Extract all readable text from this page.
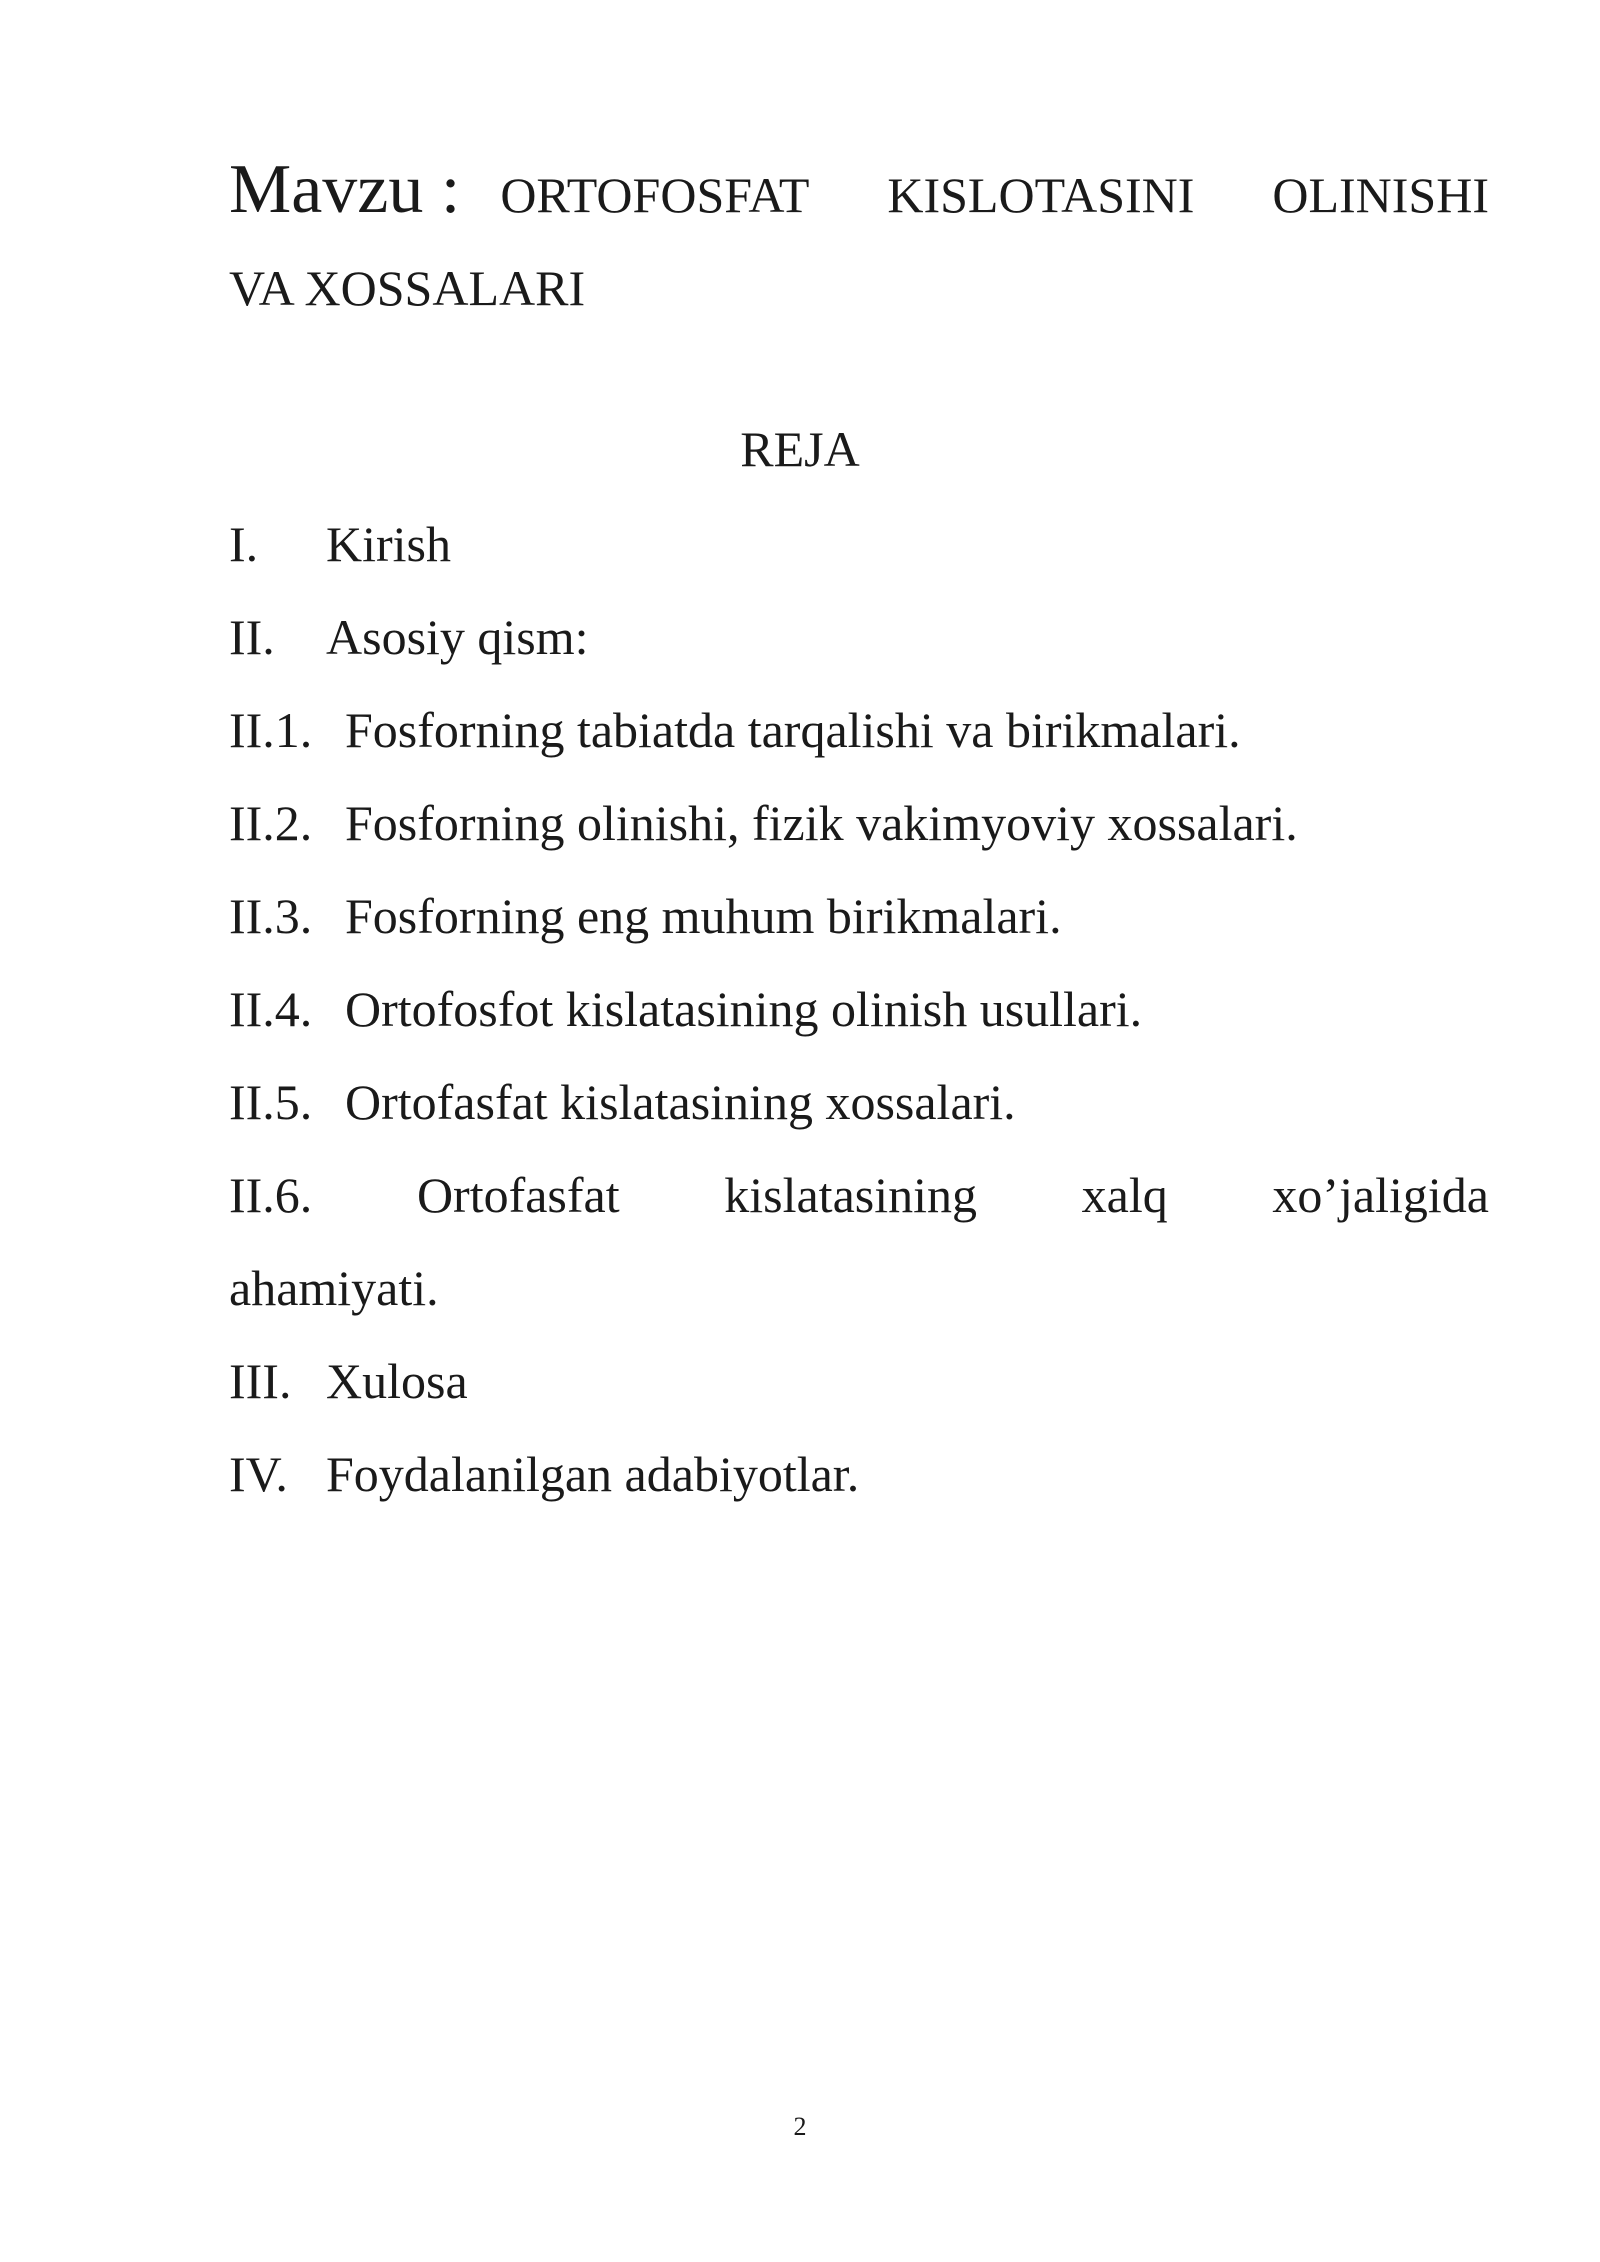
Mavzu : ORTOFOSFAT KISLOTASINI OLINISHI
VA XOSSALARI
REJA
I. Kirish
II. Asosiy qism:
II.1. Fosforning tabiatda tarqalishi va birikmalari.
II.2. Fosforning olinishi, fizik vakimyoviy xossalari.
II.3. Fosforning eng muhum birikmalari.
II.4. Ortofosfot kislatasining olinish usullari.
II.5. Ortofasfat kislatasining xossalari.
II.6. Ortofasfat kislatasining xalq xo’jaligida
ahamiyati.
III. Xulosa
IV. Foydalanilgan adabiyotlar.
2
